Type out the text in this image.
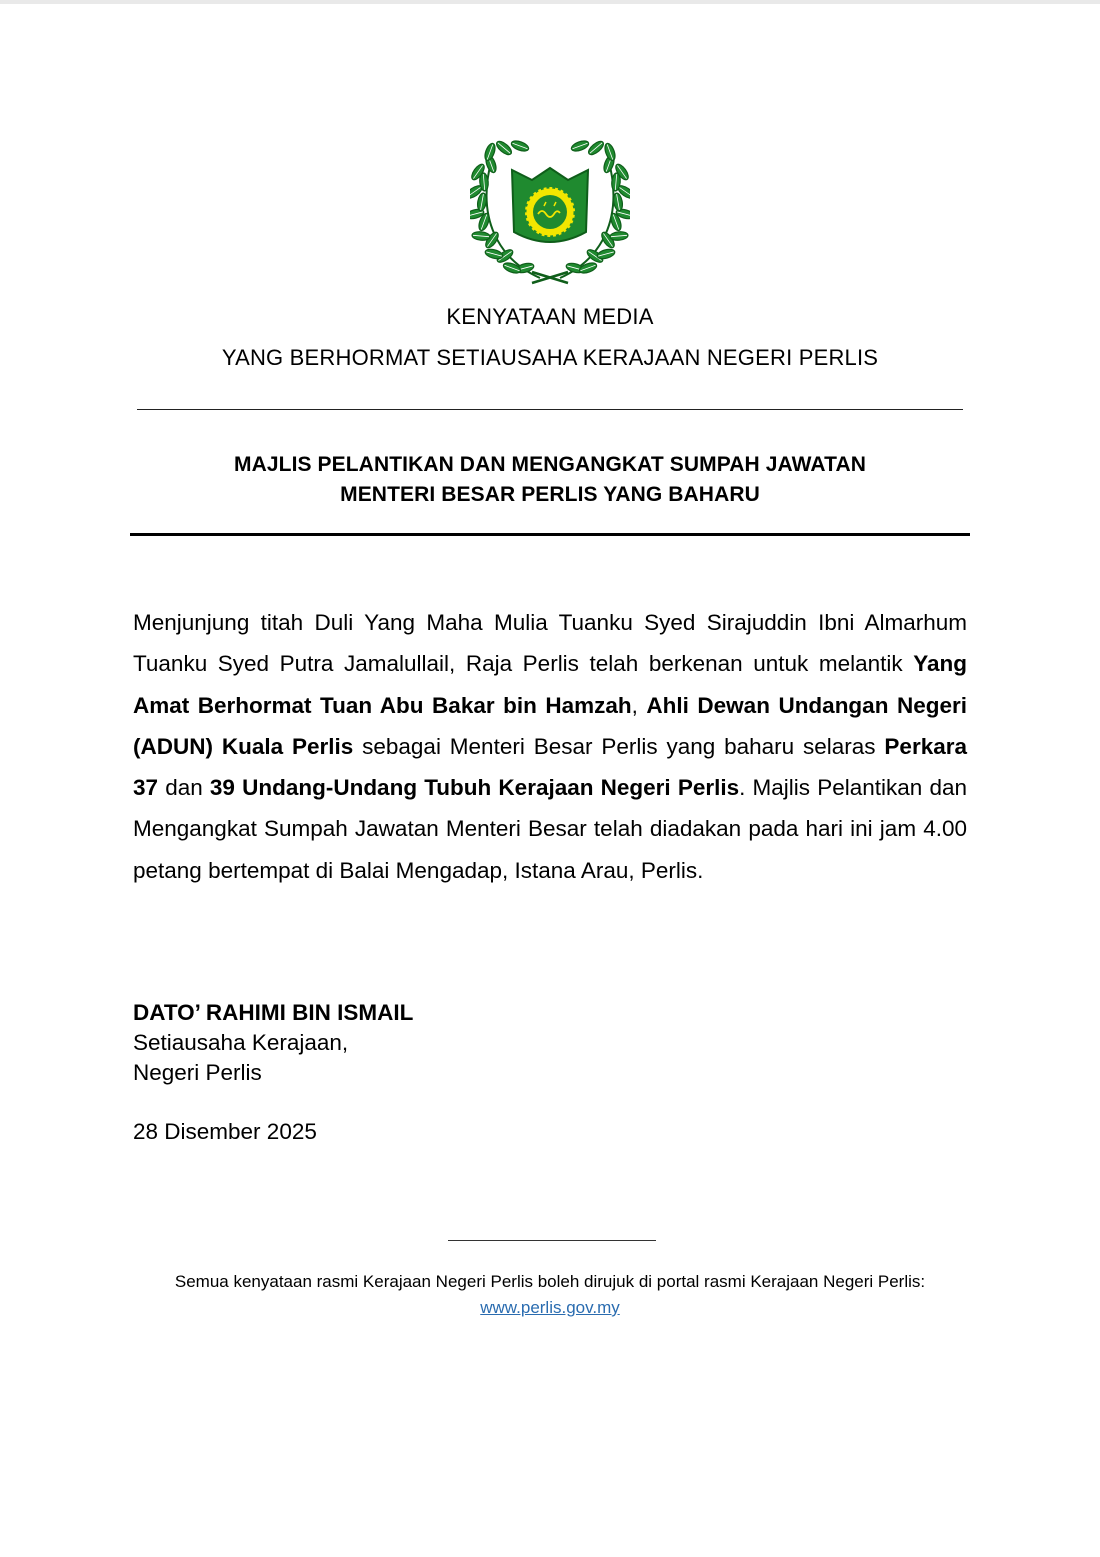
KENYATAAN MEDIA
YANG BERHORMAT SETIAUSAHA KERAJAAN NEGERI PERLIS
MAJLIS PELANTIKAN DAN MENGANGKAT SUMPAH JAWATAN
MENTERI BESAR PERLIS YANG BAHARU
Menjunjung titah Duli Yang Maha Mulia Tuanku Syed Sirajuddin Ibni Almarhum Tuanku Syed Putra Jamalullail, Raja Perlis telah berkenan untuk melantik Yang Amat Berhormat Tuan Abu Bakar bin Hamzah, Ahli Dewan Undangan Negeri (ADUN) Kuala Perlis sebagai Menteri Besar Perlis yang baharu selaras Perkara 37 dan 39 Undang-Undang Tubuh Kerajaan Negeri Perlis. Majlis Pelantikan dan Mengangkat Sumpah Jawatan Menteri Besar telah diadakan pada hari ini jam 4.00 petang bertempat di Balai Mengadap, Istana Arau, Perlis.
DATO’ RAHIMI BIN ISMAIL
Setiausaha Kerajaan,
Negeri Perlis
28 Disember 2025
Semua kenyataan rasmi Kerajaan Negeri Perlis boleh dirujuk di portal rasmi Kerajaan Negeri Perlis:
www.perlis.gov.my
